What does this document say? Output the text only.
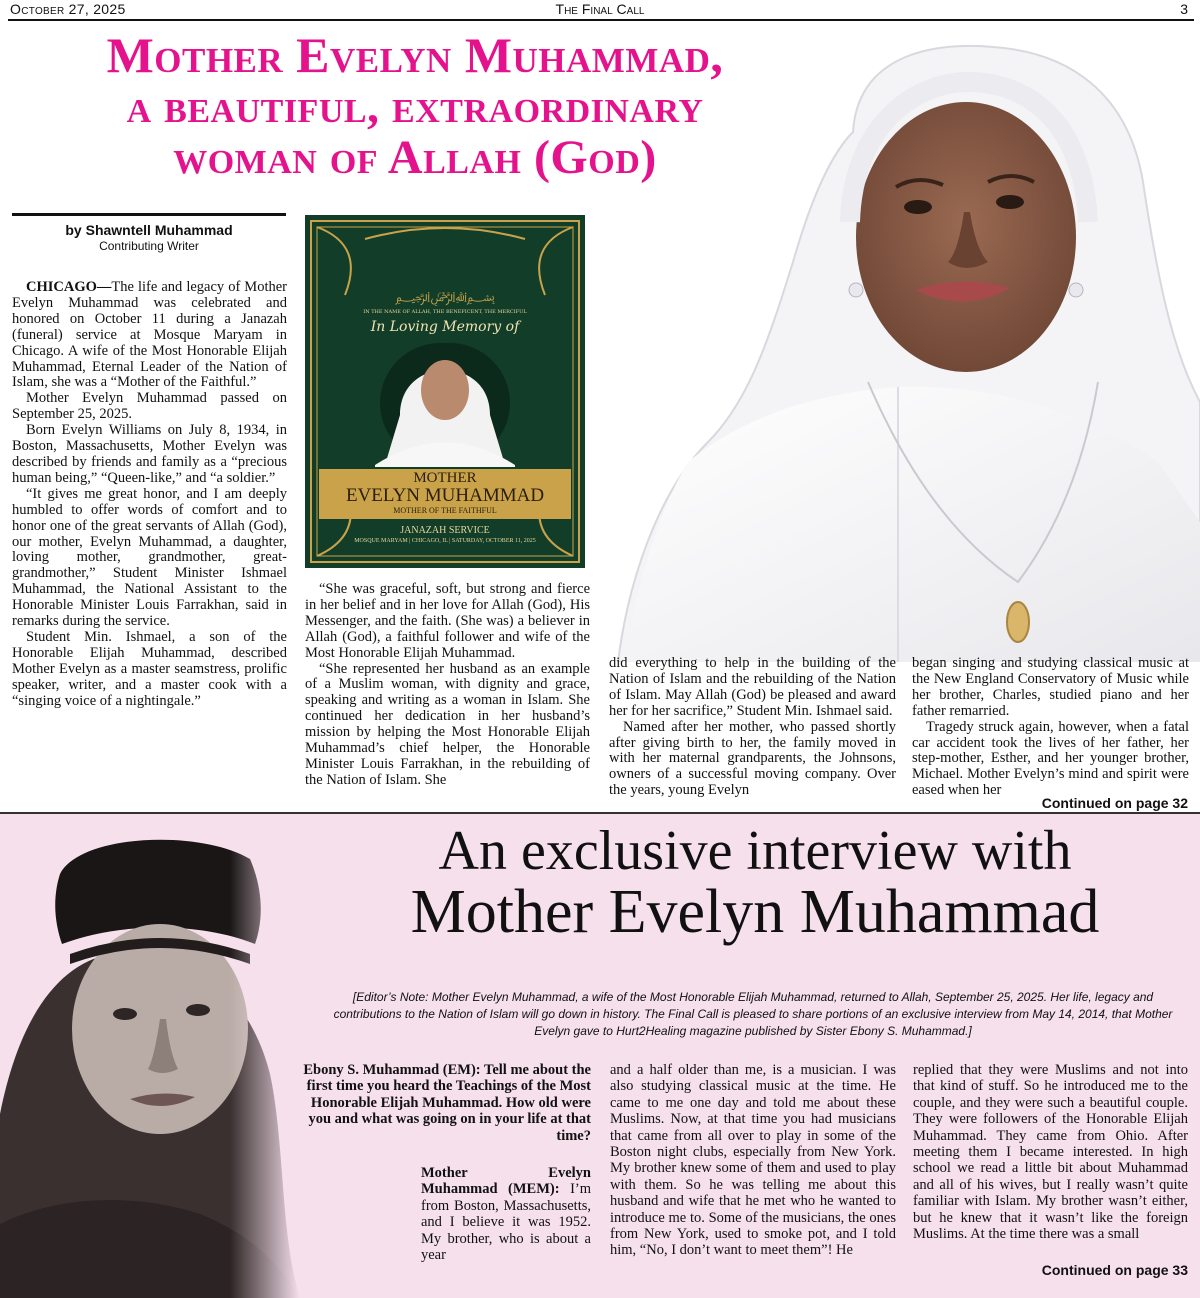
October 27, 2025	The Final Call	3
Mother Evelyn Muhammad,
a beautiful, extraordinary
woman of Allah (God)
by Shawntell Muhammad
Contributing Writer
﷽
IN THE NAME OF ALLAH, THE BENEFICENT, THE MERCIFUL
In Loving Memory of
MOTHER
EVELYN MUHAMMAD
MOTHER OF THE FAITHFUL
JANAZAH SERVICE
MOSQUE MARYAM | CHICAGO, IL | SATURDAY, OCTOBER 11, 2025

CHICAGO—The life and legacy of Mother Evelyn Muhammad was celebrated and honored on October 11 during a Janazah (funeral) service at Mosque Maryam in Chicago. A wife of the Most Honorable Elijah Muhammad, Eternal Leader of the Nation of Islam, she was a “Mother of the Faithful.”

Mother Evelyn Muhammad passed on September 25, 2025.

Born Evelyn Williams on July 8, 1934, in Boston, Massachusetts, Mother Evelyn was described by friends and family as a “precious human being,” “Queen-like,” and “a soldier.”

“It gives me great honor, and I am deeply humbled to offer words of comfort and to honor one of the great servants of Allah (God), our mother, Evelyn Muhammad, a daughter, loving mother, grandmother, great-grandmother,” Student Minister Ishmael Muhammad, the National Assistant to the Honorable Minister Louis Farrakhan, said in remarks during the service.

Student Min. Ishmael, a son of the Honorable Elijah Muhammad, described Mother Evelyn as a master seamstress, prolific speaker, writer, and a master cook with a “singing voice of a nightingale.”

“She was graceful, soft, but strong and fierce in her belief and in her love for Allah (God), His Messenger, and the faith. (She was) a believer in Allah (God), a faithful follower and wife of the Most Honorable Elijah Muhammad.

“She represented her husband as an example of a Muslim woman, with dignity and grace, speaking and writing as a woman in Islam. She continued her dedication in her husband’s mission by helping the Most Honorable Elijah Muhammad’s chief helper, the Honorable Minister Louis Farrakhan, in the rebuilding of the Nation of Islam. She

did everything to help in the building of the Nation of Islam and the rebuilding of the Nation of Islam. May Allah (God) be pleased and award her for her sacrifice,” Student Min. Ishmael said.

Named after her mother, who passed shortly after giving birth to her, the family moved in with her maternal grandparents, the Johnsons, owners of a successful moving company. Over the years, young Evelyn

began singing and studying classical music at the New England Conservatory of Music while her brother, Charles, studied piano and her father remarried.

Tragedy struck again, however, when a fatal car accident took the lives of her father, her step-mother, Esther, and her younger brother, Michael. Mother Evelyn’s mind and spirit were eased when her

Continued on page 32
An exclusive interview with
Mother Evelyn Muhammad
[Editor’s Note: Mother Evelyn Muhammad, a wife of the Most Honorable Elijah Muhammad, returned to Allah, September 25, 2025. Her life, legacy and contributions to the Nation of Islam will go down in history. The Final Call is pleased to share portions of an exclusive interview from May 14, 2014, that Mother Evelyn gave to Hurt2Healing magazine published by Sister Ebony S. Muhammad.]
Ebony S. Muhammad (EM): Tell me about the first time you heard the Teachings of the Most Honorable Elijah Muhammad. How old were you and what was going on in your life at that time?
Mother Evelyn Muhammad (MEM): I’m from Boston, Massachusetts, and I believe it was 1952. My brother, who is about a year
and a half older than me, is a musician. I was also studying classical music at the time. He came to me one day and told me about these Muslims. Now, at that time you had musicians that came from all over to play in some of the Boston night clubs, especially from New York. My brother knew some of them and used to play with them. So he was telling me about this husband and wife that he met who he wanted to introduce me to. Some of the musicians, the ones from New York, used to smoke pot, and I told him, “No, I don’t want to meet them”! He
replied that they were Muslims and not into that kind of stuff. So he introduced me to the couple, and they were such a beautiful couple. They were followers of the Honorable Elijah Muhammad. They came from Ohio. After meeting them I became interested. In high school we read a little bit about Muhammad and all of his wives, but I really wasn’t quite familiar with Islam. My brother wasn’t either, but he knew that it wasn’t like the foreign Muslims. At the time there was a small
Continued on page 33
